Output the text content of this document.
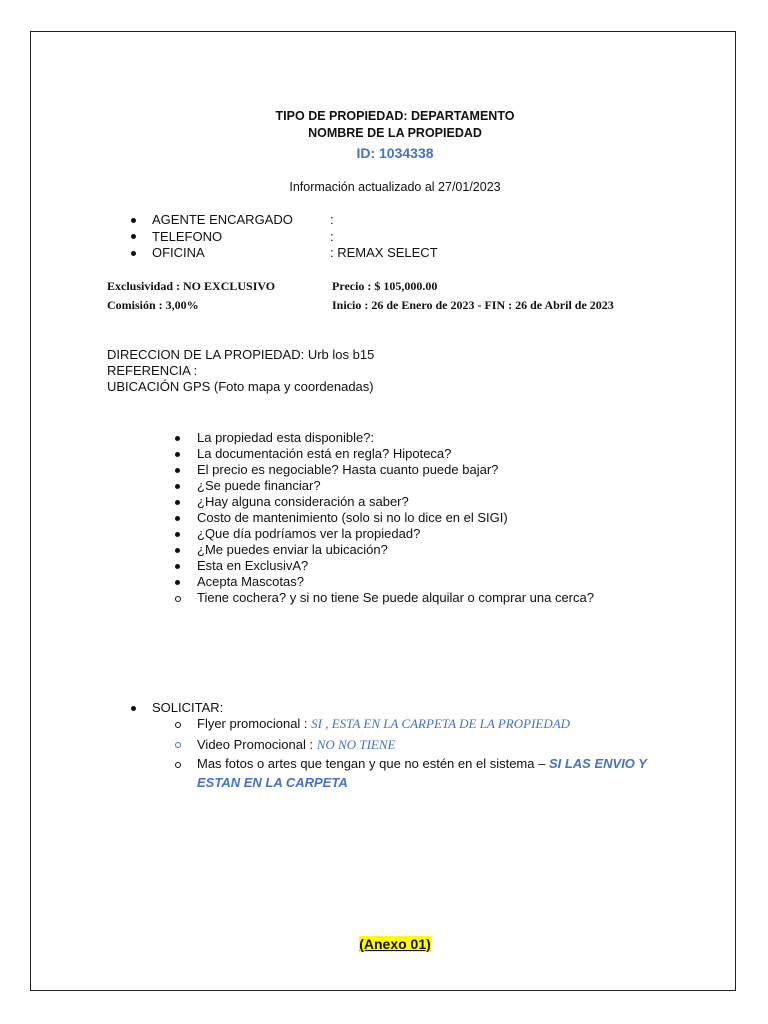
TIPO DE PROPIEDAD: DEPARTAMENTO
NOMBRE DE LA PROPIEDAD
ID: 1034338
Información actualizado al 27/01/2023
AGENTE ENCARGADO	:
TELEFONO	:
OFICINA	: REMAX SELECT
Exclusividad : NO EXCLUSIVO	Precio : $ 105,000.00
Comisión : 3,00%	Inicio : 26 de Enero de 2023 - FIN : 26 de Abril de 2023
DIRECCION DE LA PROPIEDAD: Urb los b15
REFERENCIA :
UBICACIÓN GPS (Foto mapa y coordenadas)
La propiedad esta disponible?:
La documentación está en regla? Hipoteca?
El precio es negociable? Hasta cuanto puede bajar?
¿Se puede financiar?
¿Hay alguna consideración a saber?
Costo de mantenimiento (solo si no lo dice en el SIGI)
¿Que día podríamos ver la propiedad?
¿Me puedes enviar la ubicación?
Esta en ExclusivA?
Acepta Mascotas?
Tiene cochera? y si no tiene Se puede alquilar o comprar una cerca?
SOLICITAR:
Flyer promocional : SI , ESTA EN LA CARPETA DE LA PROPIEDAD
Video Promocional : NO NO TIENE
Mas fotos o artes que tengan y que no estén en el sistema – SI LAS ENVIO Y
ESTAN EN LA CARPETA
(Anexo 01)
